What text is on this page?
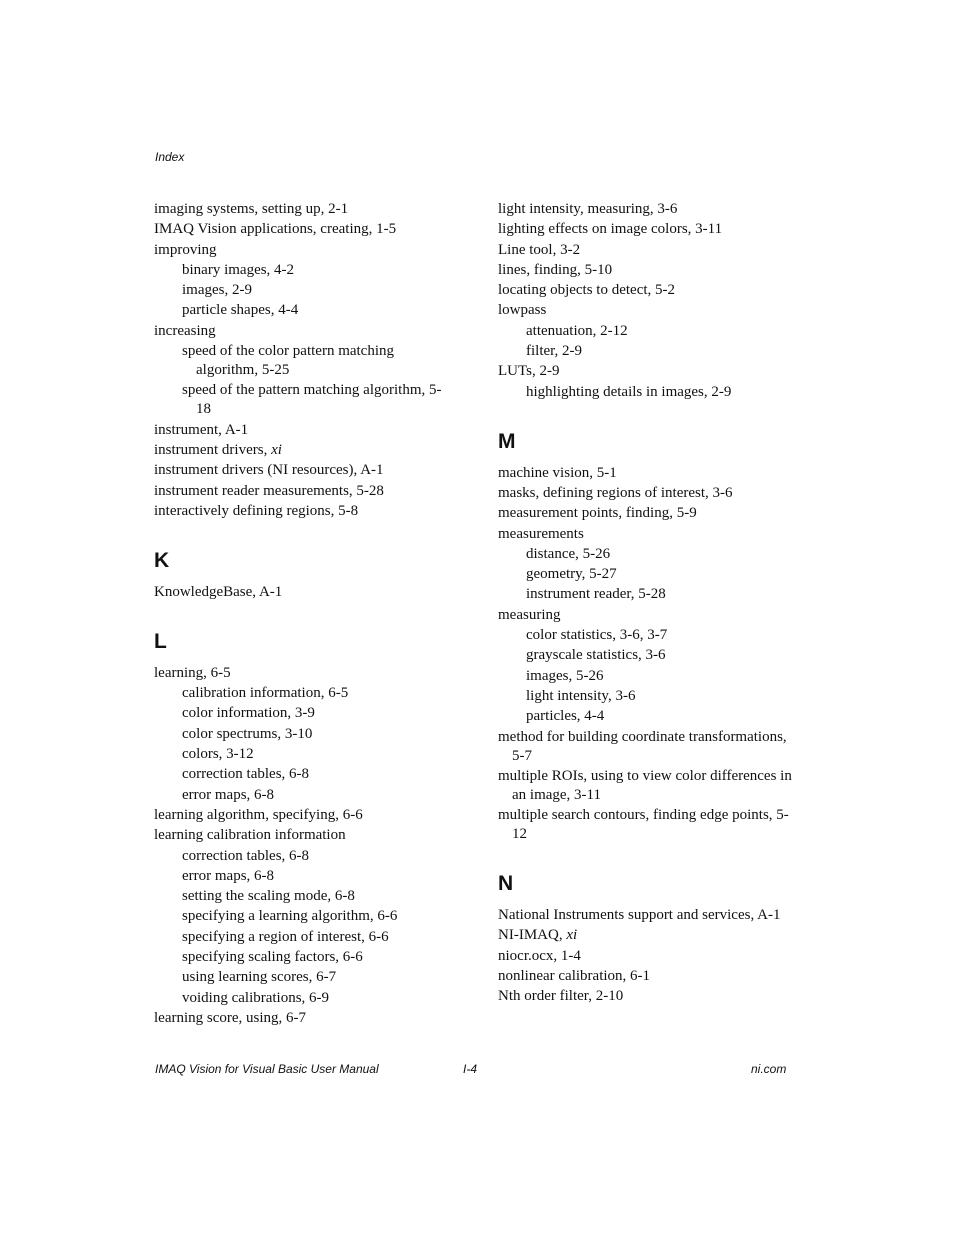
Index
imaging systems, setting up, 2-1
IMAQ Vision applications, creating, 1-5
improving
binary images, 4-2
images, 2-9
particle shapes, 4-4
increasing
speed of the color pattern matching algorithm, 5-25
speed of the pattern matching algorithm, 5-18
instrument, A-1
instrument drivers, xi
instrument drivers (NI resources), A-1
instrument reader measurements, 5-28
interactively defining regions, 5-8
K
KnowledgeBase, A-1
L
learning, 6-5
calibration information, 6-5
color information, 3-9
color spectrums, 3-10
colors, 3-12
correction tables, 6-8
error maps, 6-8
learning algorithm, specifying, 6-6
learning calibration information
correction tables, 6-8
error maps, 6-8
setting the scaling mode, 6-8
specifying a learning algorithm, 6-6
specifying a region of interest, 6-6
specifying scaling factors, 6-6
using learning scores, 6-7
voiding calibrations, 6-9
learning score, using, 6-7
light intensity, measuring, 3-6
lighting effects on image colors, 3-11
Line tool, 3-2
lines, finding, 5-10
locating objects to detect, 5-2
lowpass
attenuation, 2-12
filter, 2-9
LUTs, 2-9
highlighting details in images, 2-9
M
machine vision, 5-1
masks, defining regions of interest, 3-6
measurement points, finding, 5-9
measurements
distance, 5-26
geometry, 5-27
instrument reader, 5-28
measuring
color statistics, 3-6, 3-7
grayscale statistics, 3-6
images, 5-26
light intensity, 3-6
particles, 4-4
method for building coordinate transformations, 5-7
multiple ROIs, using to view color differences in an image, 3-11
multiple search contours, finding edge points, 5-12
N
National Instruments support and services, A-1
NI-IMAQ, xi
niocr.ocx, 1-4
nonlinear calibration, 6-1
Nth order filter, 2-10
IMAQ Vision for Visual Basic User Manual	I-4	ni.com
